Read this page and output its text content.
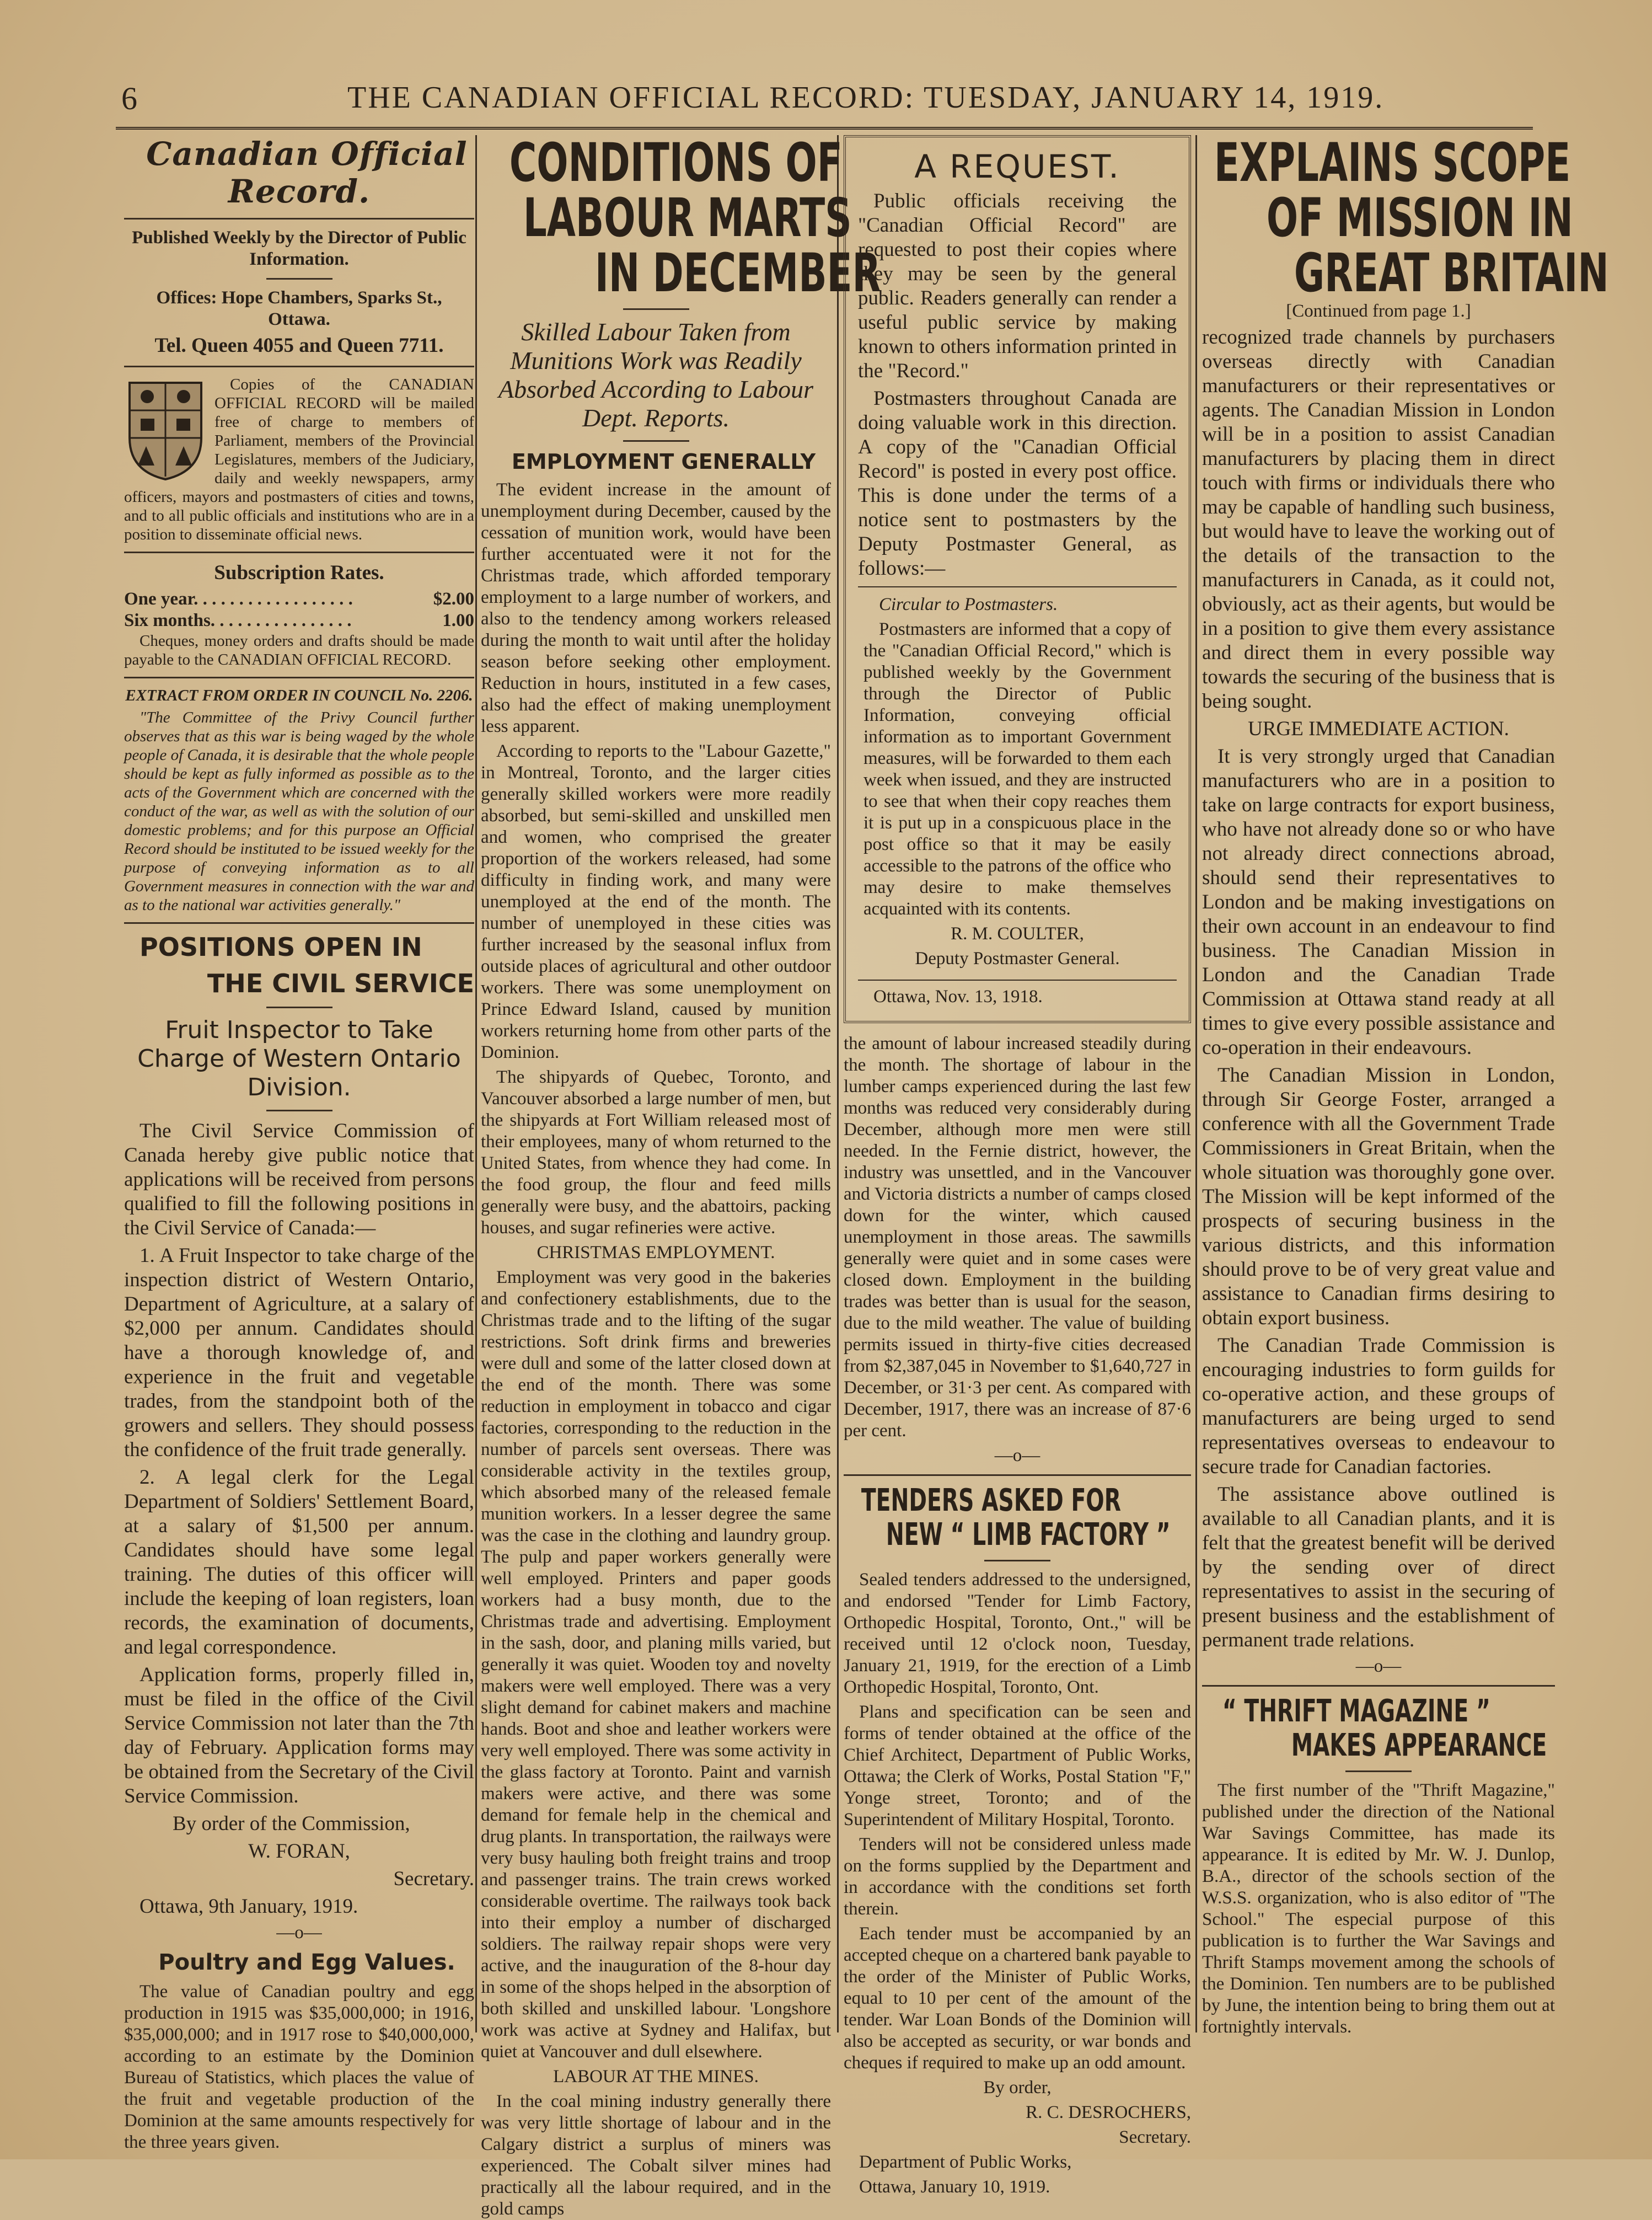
6	THE CANADIAN OFFICIAL RECORD: TUESDAY, JANUARY 14, 1919.

Canadian Official Record.

Published Weekly by the Director of Public Information.

Offices: Hope Chambers, Sparks St., Ottawa.

Tel. Queen 4055 and Queen 7711.

Copies of the CANADIAN OFFICIAL RECORD will be mailed free of charge to members of Parliament, members of the Provincial Legislatures, members of the Judiciary, daily and weekly newspapers, army officers, mayors and postmasters of cities and towns, and to all public officials and institutions who are in a position to disseminate official news.

Subscription Rates.

One year. . . . . . . . . . . . . . . . . .	$2.00
Six months. . . . . . . . . . . . . . . .	1.00

Cheques, money orders and drafts should be made payable to the CANADIAN OFFICIAL RECORD.

EXTRACT FROM ORDER IN COUNCIL No. 2206.

"The Committee of the Privy Council further observes that as this war is being waged by the whole people of Canada, it is desirable that the whole people should be kept as fully informed as possible as to the acts of the Government which are concerned with the conduct of the war, as well as with the solution of our domestic problems; and for this purpose an Official Record should be instituted to be issued weekly for the purpose of conveying information as to all Government measures in connection with the war and as to the national war activities generally."

POSITIONS OPEN IN

THE CIVIL SERVICE

Fruit Inspector to Take Charge of Western Ontario Division.

The Civil Service Commission of Canada hereby give public notice that applications will be received from persons qualified to fill the following positions in the Civil Service of Canada:—

1. A Fruit Inspector to take charge of the inspection district of Western Ontario, Department of Agriculture, at a salary of $2,000 per annum. Candidates should have a thorough knowledge of, and experience in the fruit and vegetable trades, from the standpoint both of the growers and sellers. They should possess the confidence of the fruit trade generally.

2. A legal clerk for the Legal Department of Soldiers' Settlement Board, at a salary of $1,500 per annum. Candidates should have some legal training. The duties of this officer will include the keeping of loan registers, loan records, the examination of documents, and legal correspondence.

Application forms, properly filled in, must be filed in the office of the Civil Service Commission not later than the 7th day of February. Application forms may be obtained from the Secretary of the Civil Service Commission.

By order of the Commission,

W. FORAN,

Secretary.

Ottawa, 9th January, 1919.

—o—

Poultry and Egg Values.

The value of Canadian poultry and egg production in 1915 was $35,000,000; in 1916, $35,000,000; and in 1917 rose to $40,000,000, according to an estimate by the Dominion Bureau of Statistics, which places the value of the fruit and vegetable production of the Dominion at the same amounts respectively for the three years given.

CONDITIONS OF

LABOUR MARTS

IN DECEMBER

Skilled Labour Taken from Munitions Work was Readily Absorbed According to Labour Dept. Reports.

EMPLOYMENT GENERALLY

The evident increase in the amount of unemployment during December, caused by the cessation of munition work, would have been further accentuated were it not for the Christmas trade, which afforded temporary employment to a large number of workers, and also to the tendency among workers released during the month to wait until after the holiday season before seeking other employment. Reduction in hours, instituted in a few cases, also had the effect of making unemployment less apparent.

According to reports to the "Labour Gazette," in Montreal, Toronto, and the larger cities generally skilled workers were more readily absorbed, but semi-skilled and unskilled men and women, who comprised the greater proportion of the workers released, had some difficulty in finding work, and many were unemployed at the end of the month. The number of unemployed in these cities was further increased by the seasonal influx from outside places of agricultural and other outdoor workers. There was some unemployment on Prince Edward Island, caused by munition workers returning home from other parts of the Dominion.

The shipyards of Quebec, Toronto, and Vancouver absorbed a large number of men, but the shipyards at Fort William released most of their employees, many of whom returned to the United States, from whence they had come. In the food group, the flour and feed mills generally were busy, and the abattoirs, packing houses, and sugar refineries were active.

CHRISTMAS EMPLOYMENT.

Employment was very good in the bakeries and confectionery establishments, due to the Christmas trade and to the lifting of the sugar restrictions. Soft drink firms and breweries were dull and some of the latter closed down at the end of the month. There was some reduction in employment in tobacco and cigar factories, corresponding to the reduction in the number of parcels sent overseas. There was considerable activity in the textiles group, which absorbed many of the released female munition workers. In a lesser degree the same was the case in the clothing and laundry group. The pulp and paper workers generally were well employed. Printers and paper goods workers had a busy month, due to the Christmas trade and advertising. Employment in the sash, door, and planing mills varied, but generally it was quiet. Wooden toy and novelty makers were well employed. There was a very slight demand for cabinet makers and machine hands. Boot and shoe and leather workers were very well employed. There was some activity in the glass factory at Toronto. Paint and varnish makers were active, and there was some demand for female help in the chemical and drug plants. In transportation, the railways were very busy hauling both freight trains and troop and passenger trains. The train crews worked considerable overtime. The railways took back into their employ a number of discharged soldiers. The railway repair shops were very active, and the inauguration of the 8-hour day in some of the shops helped in the absorption of both skilled and unskilled labour. 'Longshore work was active at Sydney and Halifax, but quiet at Vancouver and dull elsewhere.

LABOUR AT THE MINES.

In the coal mining industry generally there was very little shortage of labour and in the Calgary district a surplus of miners was experienced. The Cobalt silver mines had practically all the labour required, and in the gold camps

A REQUEST.

Public officials receiving the "Canadian Official Record" are requested to post their copies where they may be seen by the general public. Readers generally can render a useful public service by making known to others information printed in the "Record."

Postmasters throughout Canada are doing valuable work in this direction. A copy of the "Canadian Official Record" is posted in every post office. This is done under the terms of a notice sent to postmasters by the Deputy Postmaster General, as follows:—

Circular to Postmasters.

Postmasters are informed that a copy of the "Canadian Official Record," which is published weekly by the Government through the Director of Public Information, conveying official information as to important Government measures, will be forwarded to them each week when issued, and they are instructed to see that when their copy reaches them it is put up in a conspicuous place in the post office so that it may be easily accessible to the patrons of the office who may desire to make themselves acquainted with its contents.

R. M. COULTER,

Deputy Postmaster General.

Ottawa, Nov. 13, 1918.

the amount of labour increased steadily during the month. The shortage of labour in the lumber camps experienced during the last few months was reduced very considerably during December, although more men were still needed. In the Fernie district, however, the industry was unsettled, and in the Vancouver and Victoria districts a number of camps closed down for the winter, which caused unemployment in those areas. The sawmills generally were quiet and in some cases were closed down. Employment in the building trades was better than is usual for the season, due to the mild weather. The value of building permits issued in thirty-five cities decreased from $2,387,045 in November to $1,640,727 in December, or 31·3 per cent. As compared with December, 1917, there was an increase of 87·6 per cent.

—o—

TENDERS ASKED FOR

NEW “ LIMB FACTORY ”

Sealed tenders addressed to the undersigned, and endorsed "Tender for Limb Factory, Orthopedic Hospital, Toronto, Ont.," will be received until 12 o'clock noon, Tuesday, January 21, 1919, for the erection of a Limb Orthopedic Hospital, Toronto, Ont.

Plans and specification can be seen and forms of tender obtained at the office of the Chief Architect, Department of Public Works, Ottawa; the Clerk of Works, Postal Station "F," Yonge street, Toronto; and of the Superintendent of Military Hospital, Toronto.

Tenders will not be considered unless made on the forms supplied by the Department and in accordance with the conditions set forth therein.

Each tender must be accompanied by an accepted cheque on a chartered bank payable to the order of the Minister of Public Works, equal to 10 per cent of the amount of the tender. War Loan Bonds of the Dominion will also be accepted as security, or war bonds and cheques if required to make up an odd amount.

By order,

R. C. DESROCHERS,

Secretary.

Department of Public Works,

Ottawa, January 10, 1919.

EXPLAINS SCOPE

OF MISSION IN

GREAT BRITAIN

[Continued from page 1.]

recognized trade channels by purchasers overseas directly with Canadian manufacturers or their representatives or agents. The Canadian Mission in London will be in a position to assist Canadian manufacturers by placing them in direct touch with firms or individuals there who may be capable of handling such business, but would have to leave the working out of the details of the transaction to the manufacturers in Canada, as it could not, obviously, act as their agents, but would be in a position to give them every assistance and direct them in every possible way towards the securing of the business that is being sought.

URGE IMMEDIATE ACTION.

It is very strongly urged that Canadian manufacturers who are in a position to take on large contracts for export business, who have not already done so or who have not already direct connections abroad, should send their representatives to London and be making investigations on their own account in an endeavour to find business. The Canadian Mission in London and the Canadian Trade Commission at Ottawa stand ready at all times to give every possible assistance and co-operation in their endeavours.

The Canadian Mission in London, through Sir George Foster, arranged a conference with all the Government Trade Commissioners in Great Britain, when the whole situation was thoroughly gone over. The Mission will be kept informed of the prospects of securing business in the various districts, and this information should prove to be of very great value and assistance to Canadian firms desiring to obtain export business.

The Canadian Trade Commission is encouraging industries to form guilds for co-operative action, and these groups of manufacturers are being urged to send representatives overseas to endeavour to secure trade for Canadian factories.

The assistance above outlined is available to all Canadian plants, and it is felt that the greatest benefit will be derived by the sending over of direct representatives to assist in the securing of present business and the establishment of permanent trade relations.

—o—

“ THRIFT MAGAZINE ”

MAKES APPEARANCE

The first number of the "Thrift Magazine," published under the direction of the National War Savings Committee, has made its appearance. It is edited by Mr. W. J. Dunlop, B.A., director of the schools section of the W.S.S. organization, who is also editor of "The School." The especial purpose of this publication is to further the War Savings and Thrift Stamps movement among the schools of the Dominion. Ten numbers are to be published by June, the intention being to bring them out at fortnightly intervals.
